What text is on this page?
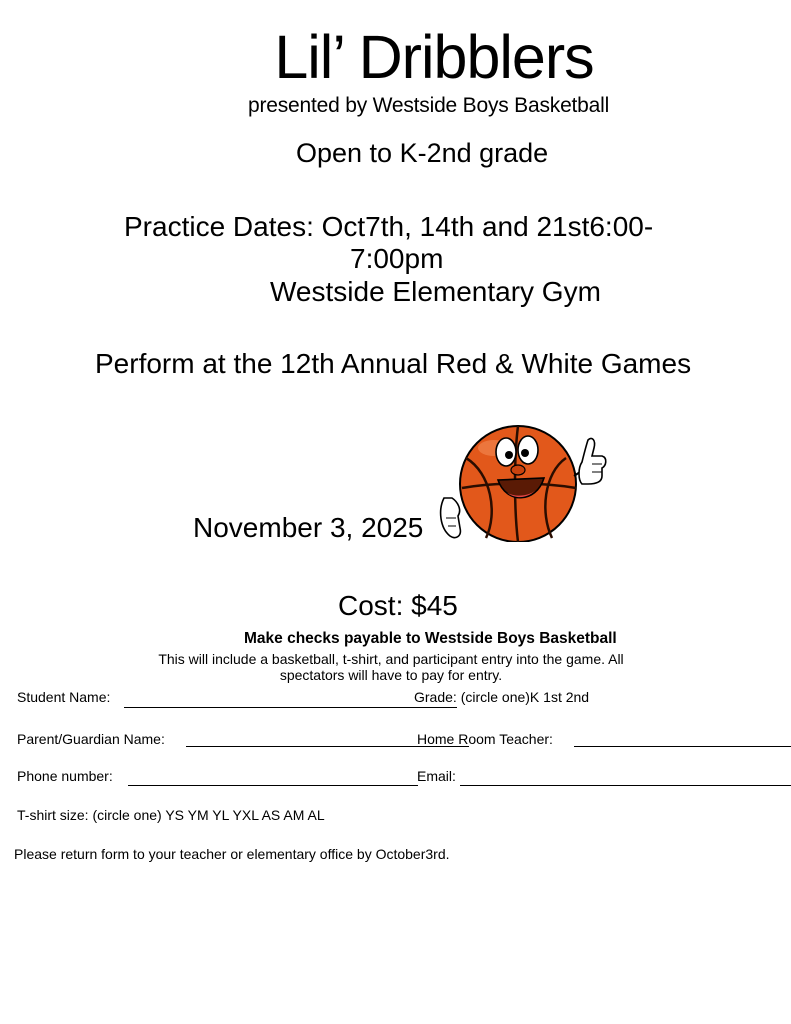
Lil’ Dribblers
presented by Westside Boys Basketball
Open to K-2nd grade
Practice Dates: Oct7th, 14th and 21st6:00-
7:00pm
Westside Elementary Gym
Perform at the 12th Annual Red & White Games
November 3, 2025
Cost: $45
Make checks payable to Westside Boys Basketball
This will include a basketball, t-shirt, and participant entry into the game. All
spectators will have to pay for entry.
Student Name:	Grade: (circle one)K 1st 2nd
Parent/Guardian Name:	Home Room Teacher:
Phone number:	Email:
T-shirt size: (circle one) YS YM YL YXL AS AM AL
Please return form to your teacher or elementary office by October3rd.
